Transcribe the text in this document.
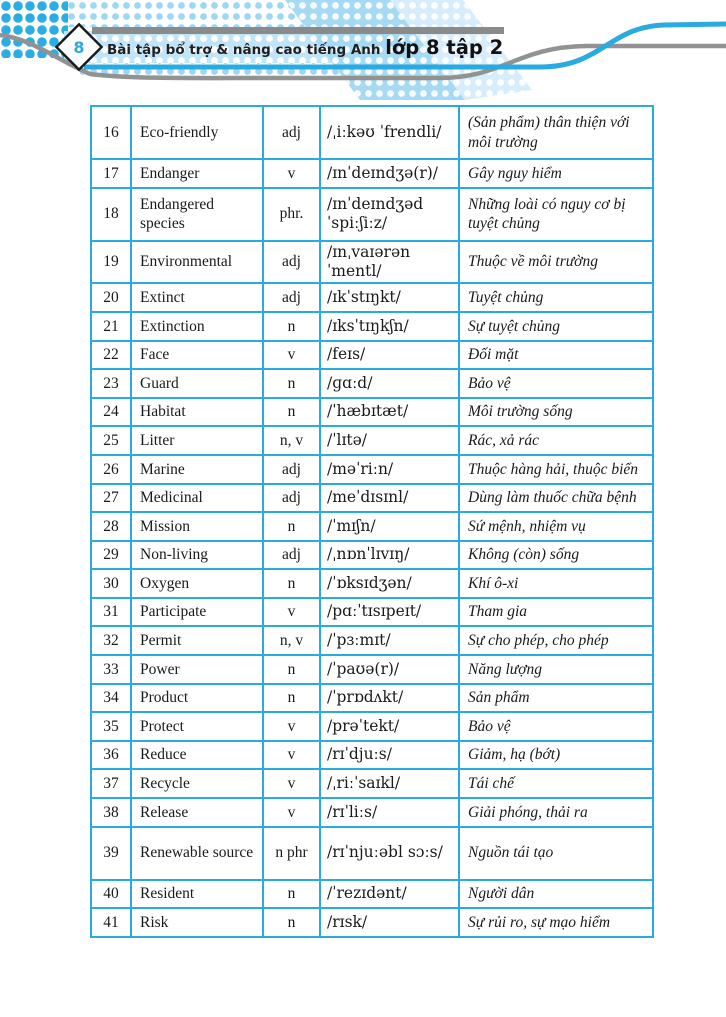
8 Bài tập bổ trợ & nâng cao tiếng Anh lớp 8 tập 2
16	Eco-friendly	adj	/ˌiːkəʊ ˈfrendli/	(Sản phẩm) thân thiện với môi trường
17	Endanger	v	/ɪnˈdeɪndʒə(r)/	Gây nguy hiểm
18	Endangered species	phr.	/ɪnˈdeɪndʒəd ˈspiːʃiːz/	Những loài có nguy cơ bị tuyệt chủng
19	Environmental	adj	/ɪnˌvaɪərənˈmentl/	Thuộc về môi trường
20	Extinct	adj	/ɪkˈstɪŋkt/	Tuyệt chủng
21	Extinction	n	/ɪksˈtɪŋkʃn/	Sự tuyệt chủng
22	Face	v	/feɪs/	Đối mặt
23	Guard	n	/ɡɑːd/	Bảo vệ
24	Habitat	n	/ˈhæbɪtæt/	Môi trường sống
25	Litter	n, v	/ˈlɪtə/	Rác, xả rác
26	Marine	adj	/məˈriːn/	Thuộc hàng hải, thuộc biển
27	Medicinal	adj	/meˈdɪsɪnl/	Dùng làm thuốc chữa bệnh
28	Mission	n	/ˈmɪʃn/	Sứ mệnh, nhiệm vụ
29	Non-living	adj	/ˌnɒnˈlɪvɪŋ/	Không (còn) sống
30	Oxygen	n	/ˈɒksɪdʒən/	Khí ô-xi
31	Participate	v	/pɑːˈtɪsɪpeɪt/	Tham gia
32	Permit	n, v	/ˈpɜːmɪt/	Sự cho phép, cho phép
33	Power	n	/ˈpaʊə(r)/	Năng lượng
34	Product	n	/ˈprɒdʌkt/	Sản phẩm
35	Protect	v	/prəˈtekt/	Bảo vệ
36	Reduce	v	/rɪˈdjuːs/	Giảm, hạ (bớt)
37	Recycle	v	/ˌriːˈsaɪkl/	Tái chế
38	Release	v	/rɪˈliːs/	Giải phóng, thải ra
39	Renewable source	n phr	/rɪˈnjuːəbl sɔːs/	Nguồn tái tạo
40	Resident	n	/ˈrezɪdənt/	Người dân
41	Risk	n	/rɪsk/	Sự rủi ro, sự mạo hiểm
